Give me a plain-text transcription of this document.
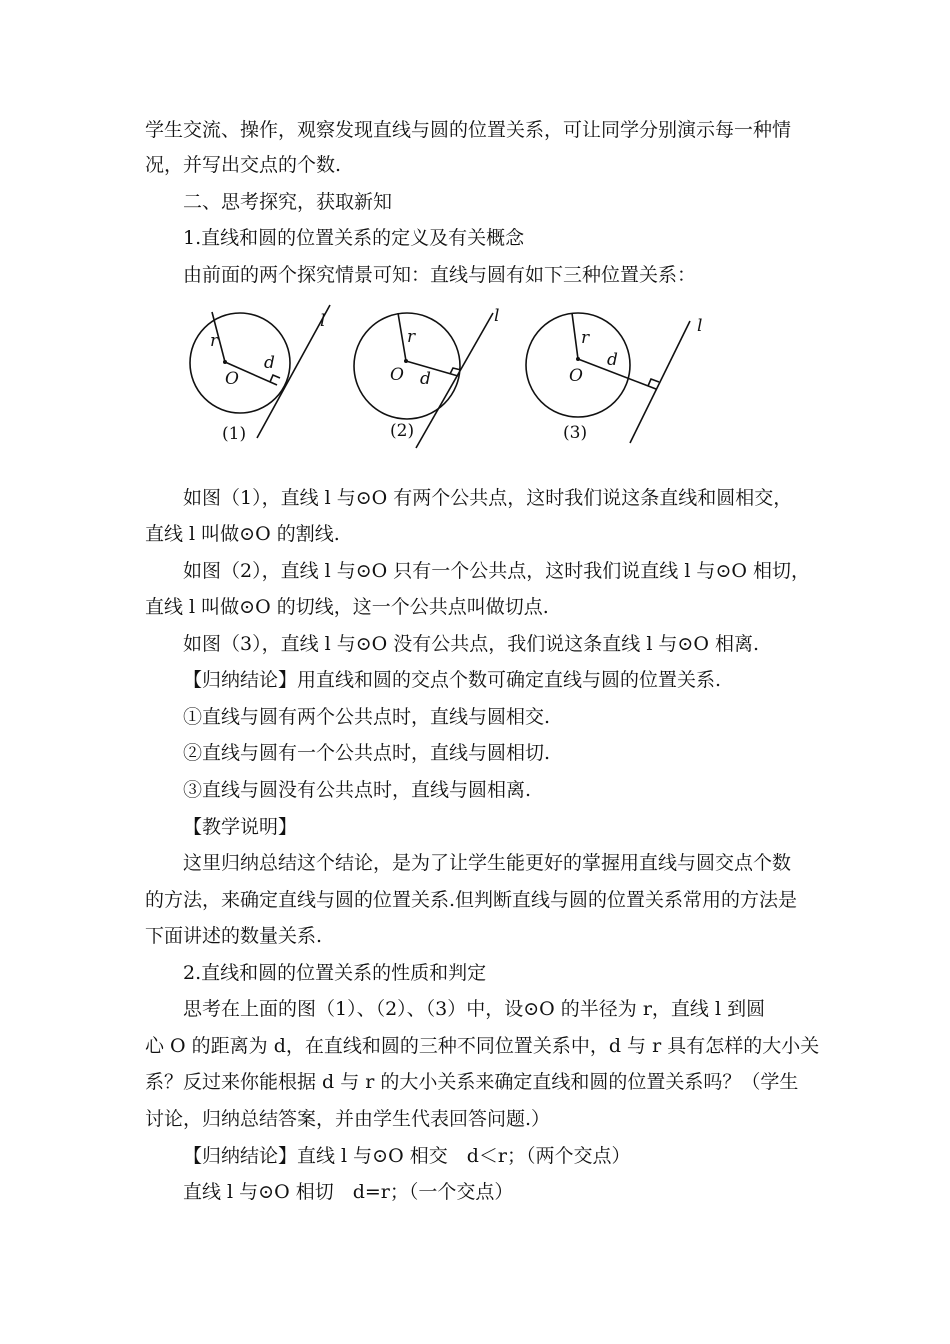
学生交流、操作，观察发现直线与圆的位置关系，可让同学分别演示每一种情
况，并写出交点的个数.
二、思考探究，获取新知
1.直线和圆的位置关系的定义及有关概念
由前面的两个探究情景可知：直线与圆有如下三种位置关系：
l
r
d
O
l
r
d
O
l
r
d
O
(1)	(2)	(3)
如图（1），直线 l 与⊙O 有两个公共点，这时我们说这条直线和圆相交，
直线 l 叫做⊙O 的割线.
如图（2），直线 l 与⊙O 只有一个公共点，这时我们说直线 l 与⊙O 相切，
直线 l 叫做⊙O 的切线，这一个公共点叫做切点.
如图（3），直线 l 与⊙O 没有公共点，我们说这条直线 l 与⊙O 相离.
【归纳结论】用直线和圆的交点个数可确定直线与圆的位置关系.
①直线与圆有两个公共点时，直线与圆相交.
②直线与圆有一个公共点时，直线与圆相切.
③直线与圆没有公共点时，直线与圆相离.
【教学说明】
这里归纳总结这个结论，是为了让学生能更好的掌握用直线与圆交点个数
的方法，来确定直线与圆的位置关系.但判断直线与圆的位置关系常用的方法是
下面讲述的数量关系.
2.直线和圆的位置关系的性质和判定
思考在上面的图（1）、（2）、（3）中，设⊙O 的半径为 r，直线 l 到圆
心 O 的距离为 d，在直线和圆的三种不同位置关系中，d 与 r 具有怎样的大小关
系？反过来你能根据 d 与 r 的大小关系来确定直线和圆的位置关系吗？（学生
讨论，归纳总结答案，并由学生代表回答问题.）
【归纳结论】直线 l 与⊙O 相交　d＜r；（两个交点）
直线 l 与⊙O 相切　d=r；（一个交点）
